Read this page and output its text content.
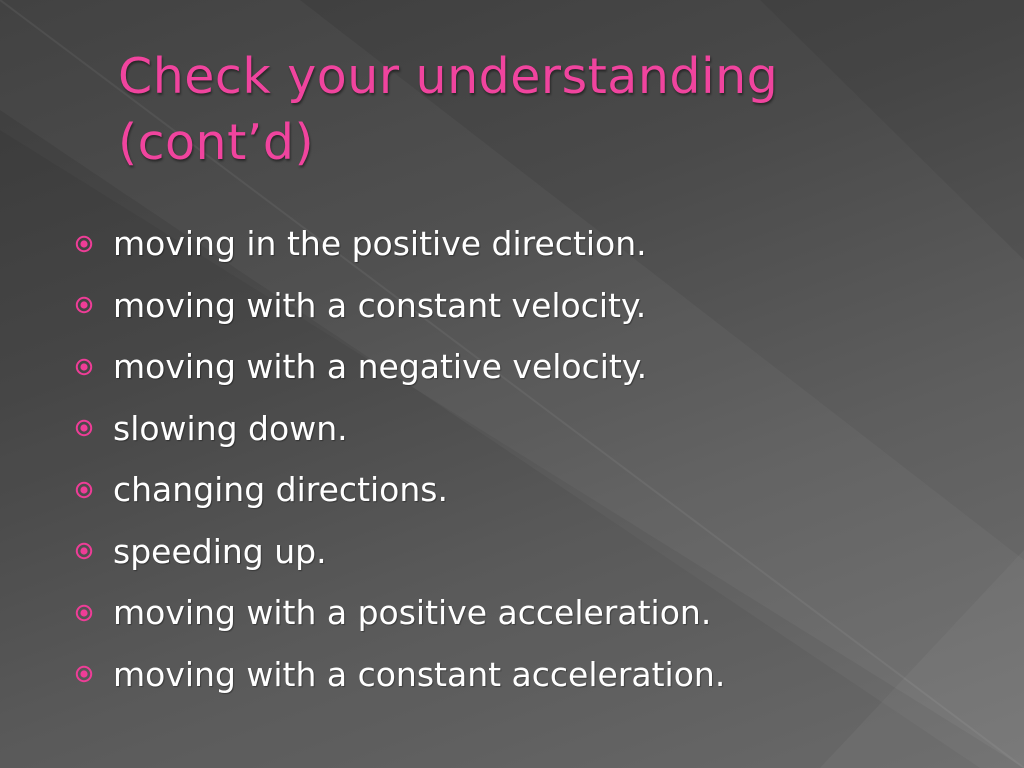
Check your understanding
(cont’d)
moving in the positive direction.
moving with a constant velocity.
moving with a negative velocity.
slowing down.
changing directions.
speeding up.
moving with a positive acceleration.
moving with a constant acceleration.
